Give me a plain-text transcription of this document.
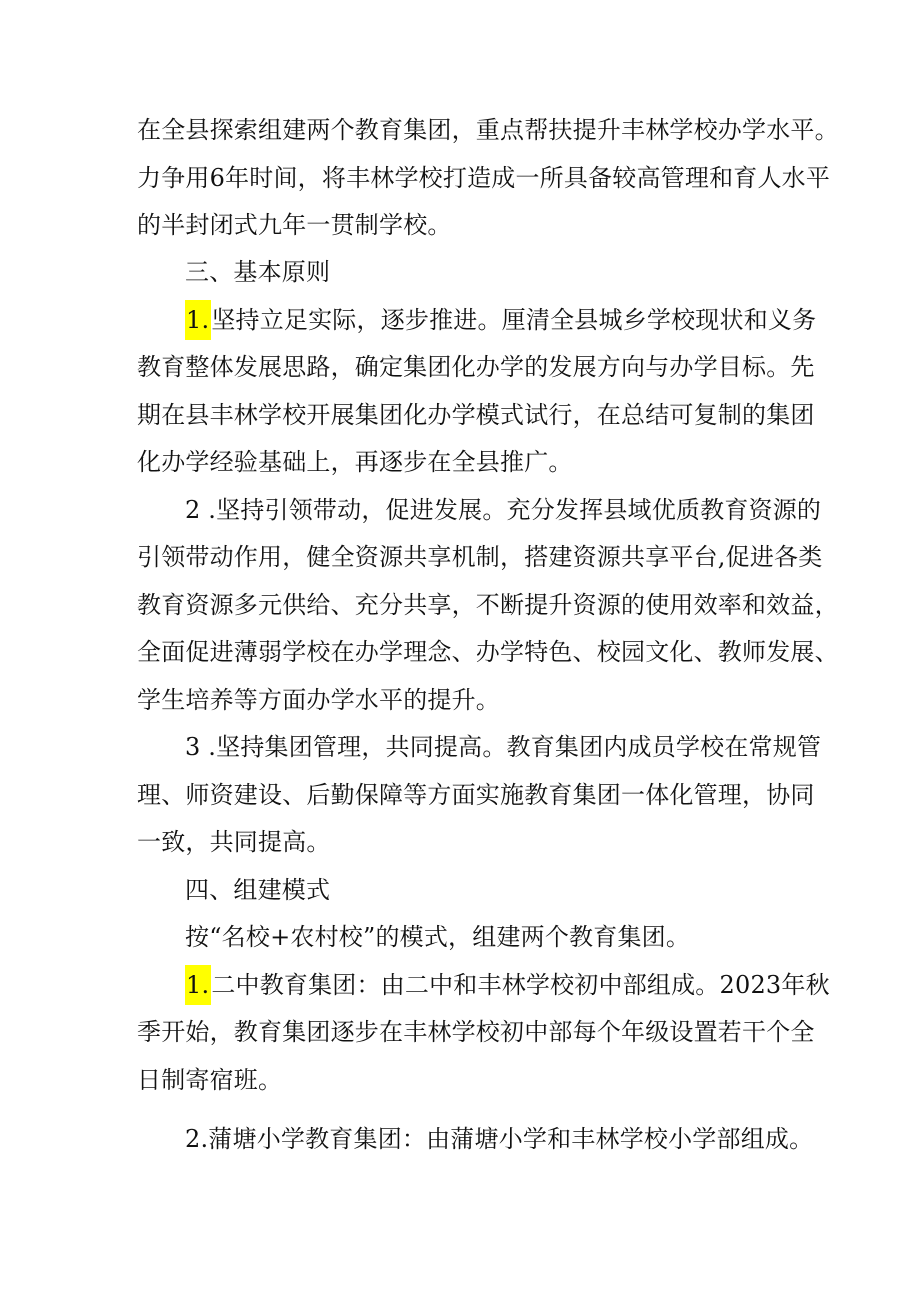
在全县探索组建两个教育集团，重点帮扶提升丰林学校办学水平。
力争用6年时间，将丰林学校打造成一所具备较高管理和育人水平
的半封闭式九年一贯制学校。
三、基本原则
1.坚持立足实际，逐步推进。厘清全县城乡学校现状和义务
教育整体发展思路，确定集团化办学的发展方向与办学目标。先
期在县丰林学校开展集团化办学模式试行，在总结可复制的集团
化办学经验基础上，再逐步在全县推广。
2 .坚持引领带动，促进发展。充分发挥县域优质教育资源的
引领带动作用，健全资源共享机制，搭建资源共享平台,促进各类
教育资源多元供给、充分共享，不断提升资源的使用效率和效益，
全面促进薄弱学校在办学理念、办学特色、校园文化、教师发展、
学生培养等方面办学水平的提升。
3 .坚持集团管理，共同提高。教育集团内成员学校在常规管
理、师资建设、后勤保障等方面实施教育集团一体化管理，协同
一致，共同提高。
四、组建模式
按“名校+农村校”的模式，组建两个教育集团。
1.二中教育集团：由二中和丰林学校初中部组成。2023年秋
季开始，教育集团逐步在丰林学校初中部每个年级设置若干个全
日制寄宿班。
2.蒲塘小学教育集团：由蒲塘小学和丰林学校小学部组成。
